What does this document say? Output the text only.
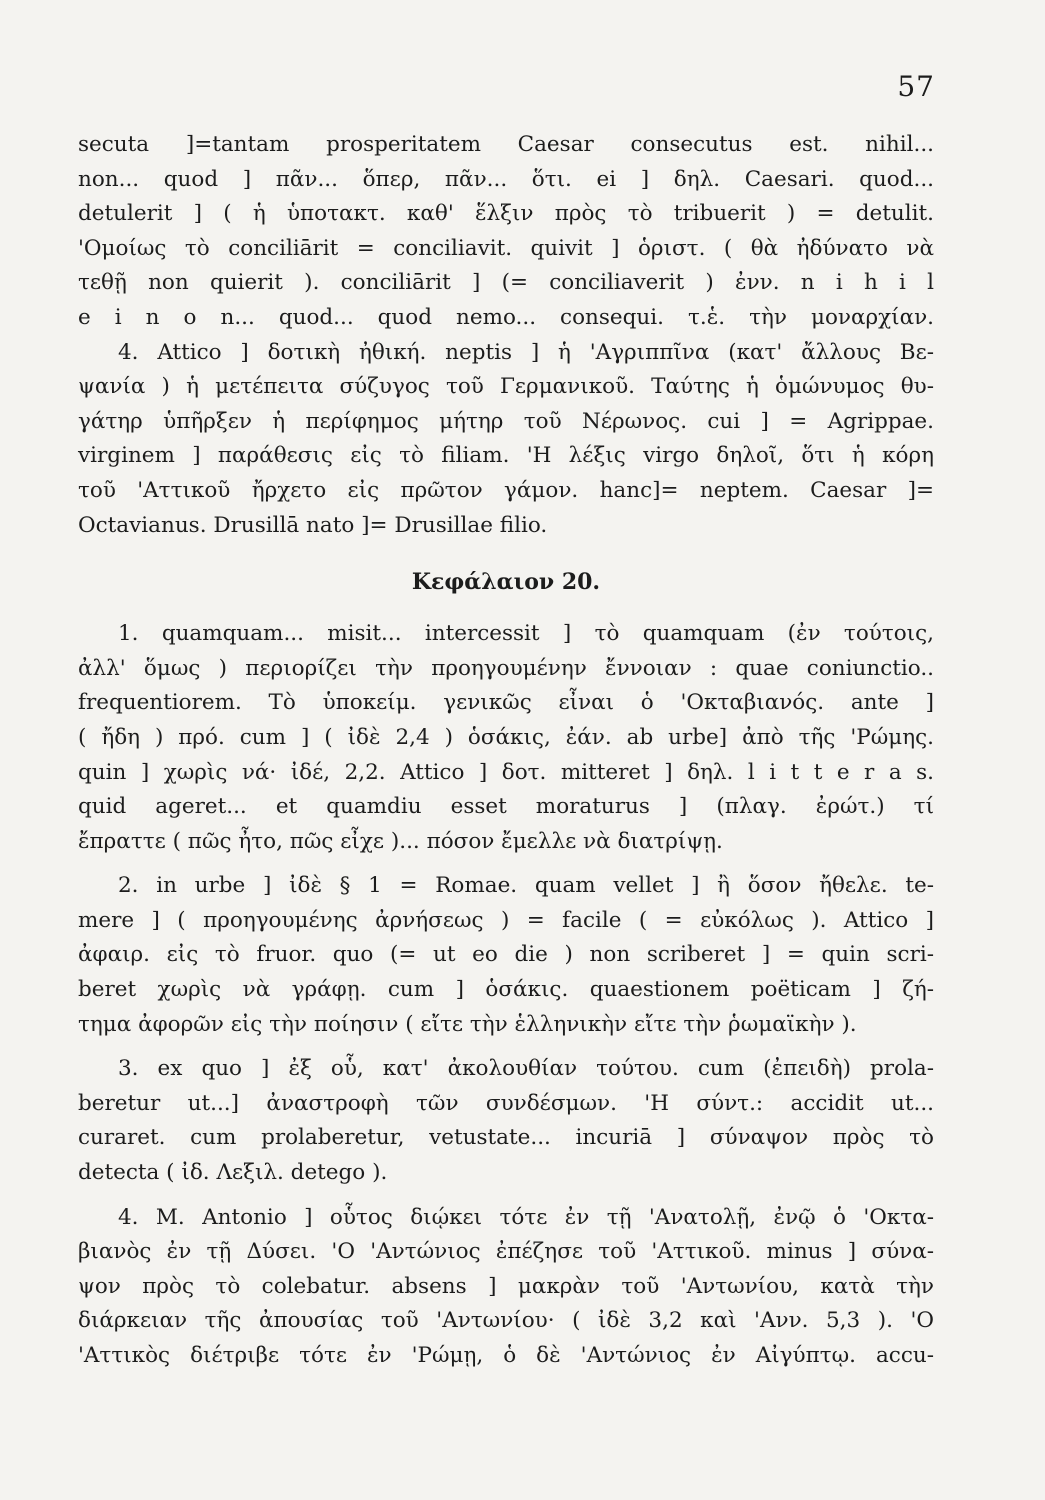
57
secuta ]=tantam prosperitatem Caesar consecutus est. nihil...
non... quod ] πᾶν... ὅπερ, πᾶν... ὅτι. ei ] δηλ. Caesari. quod...
detulerit ] ( ἡ ὑποτακτ. καθ' ἕλξιν πρὸς τὸ tribuerit ) = detulit.
'Ομοίως τὸ conciliārit = conciliavit. quivit ] ὁριστ. ( θὰ ἠδύνατο νὰ
τεθῇ non quierit ). conciliārit ] (= conciliaverit ) ἐνν. n i h i l
e i n o n... quod... quod nemo... consequi. τ.ἑ. τὴν μοναρχίαν.
4. Attico ] δοτικὴ ἠθική. neptis ] ἡ 'Αγριππῖνα (κατ' ἄλλους Βε-
ψανία ) ἡ μετέπειτα σύζυγος τοῦ Γερμανικοῦ. Ταύτης ἡ ὁμώνυμος θυ-
γάτηρ ὑπῆρξεν ἡ περίφημος μήτηρ τοῦ Νέρωνος. cui ] = Agrippae.
virginem ] παράθεσις εἰς τὸ filiam. 'Η λέξις virgo δηλοῖ, ὅτι ἡ κόρη
τοῦ 'Αττικοῦ ἤρχετο εἰς πρῶτον γάμον. hanc]= neptem. Caesar ]=
Octavianus. Drusillā nato ]= Drusillae filio.
Κεφάλαιον 20.
1. quamquam... misit... intercessit ] τὸ quamquam (ἐν τούτοις,
ἀλλ' ὅμως ) περιορίζει τὴν προηγουμένην ἔννοιαν : quae coniunctio..
frequentiorem. Τὸ ὑποκείμ. γενικῶς εἶναι ὁ 'Οκταβιανός. ante ]
( ἤδη ) πρό. cum ] ( ἰδὲ 2,4 ) ὁσάκις, ἐάν. ab urbe] ἀπὸ τῆς 'Ρώμης.
quin ] χωρὶς νά· ἰδέ, 2,2. Attico ] δοτ. mitteret ] δηλ. l i t t e r a s.
quid ageret... et quamdiu esset moraturus ] (πλαγ. ἐρώτ.) τί
ἔπραττε ( πῶς ἦτο, πῶς εἶχε )... πόσον ἔμελλε νὰ διατρίψῃ.
2. in urbe ] ἰδὲ § 1 = Romae. quam vellet ] ἢ ὅσον ἤθελε. te-
mere ] ( προηγουμένης ἀρνήσεως ) = facile ( = εὐκόλως ). Attico ]
ἀφαιρ. εἰς τὸ fruor. quo (= ut eo die ) non scriberet ] = quin scri-
beret χωρὶς νὰ γράφῃ. cum ] ὁσάκις. quaestionem poëticam ] ζή-
τημα ἀφορῶν εἰς τὴν ποίησιν ( εἴτε τὴν ἑλληνικὴν εἴτε τὴν ῥωμαϊκὴν ).
3. ex quo ] ἐξ οὗ, κατ' ἀκολουθίαν τούτου. cum (ἐπειδὴ) prola-
beretur ut...] ἀναστροφὴ τῶν συνδέσμων. 'Η σύντ.: accidit ut...
curaret. cum prolaberetur, vetustate... incuriā ] σύναψον πρὸς τὸ
detecta ( ἰδ. Λεξιλ. detego ).
4. M. Antonio ] οὗτος διῴκει τότε ἐν τῇ 'Ανατολῇ, ἐνῷ ὁ 'Οκτα-
βιανὸς ἐν τῇ Δύσει. 'Ο 'Αντώνιος ἐπέζησε τοῦ 'Αττικοῦ. minus ] σύνα-
ψον πρὸς τὸ colebatur. absens ] μακρὰν τοῦ 'Αντωνίου, κατὰ τὴν
διάρκειαν τῆς ἀπουσίας τοῦ 'Αντωνίου· ( ἰδὲ 3,2 καὶ 'Ανν. 5,3 ). 'Ο
'Αττικὸς διέτριβε τότε ἐν 'Ρώμῃ, ὁ δὲ 'Αντώνιος ἐν Αἰγύπτῳ. accu-
